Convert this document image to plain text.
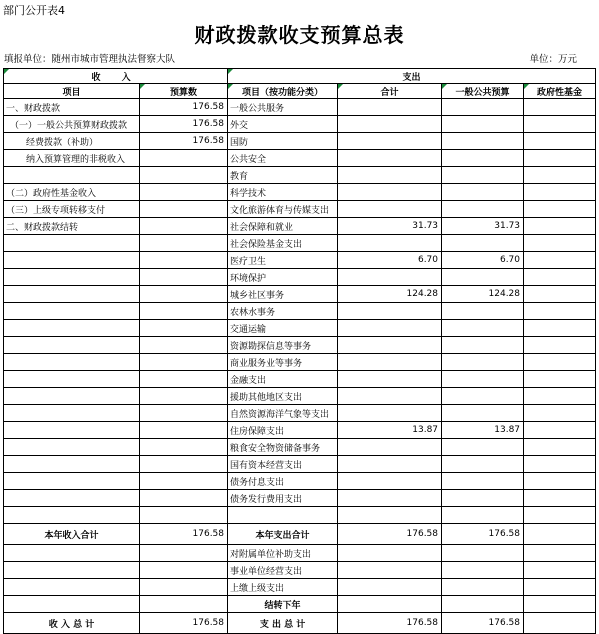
部门公开表4
财政拨款收支预算总表
填报单位：随州市城市管理执法督察大队	单位：万元
收 入		支出			
项目	预算数	项目（按功能分类）	合计	一般公共预算	政府性基金
一、财政拨款	176.58	一般公共服务			
（一）一般公共预算财政拨款	176.58	外交			
经费拨款（补助）	176.58	国防			
纳入预算管理的非税收入		公共安全			
		教育			
（二）政府性基金收入		科学技术			
（三）上级专项转移支付		文化旅游体育与传媒支出			
二、财政拨款结转		社会保障和就业	31.73	31.73	
		社会保险基金支出			
		医疗卫生	6.70	6.70	
		环境保护			
		城乡社区事务	124.28	124.28	
		农林水事务			
		交通运输			
		资源勘探信息等事务			
		商业服务业等事务			
		金融支出			
		援助其他地区支出			
		自然资源海洋气象等支出			
		住房保障支出	13.87	13.87	
		粮食安全物资储备事务			
		国有资本经营支出			
		债务付息支出			
		债务发行费用支出			

本年收入合计	176.58	本年支出合计	176.58	176.58	
		对附属单位补助支出			
		事业单位经营支出			
		上缴上级支出			
		结转下年			
收 入 总 计	176.58	支 出 总 计	176.58	176.58	
